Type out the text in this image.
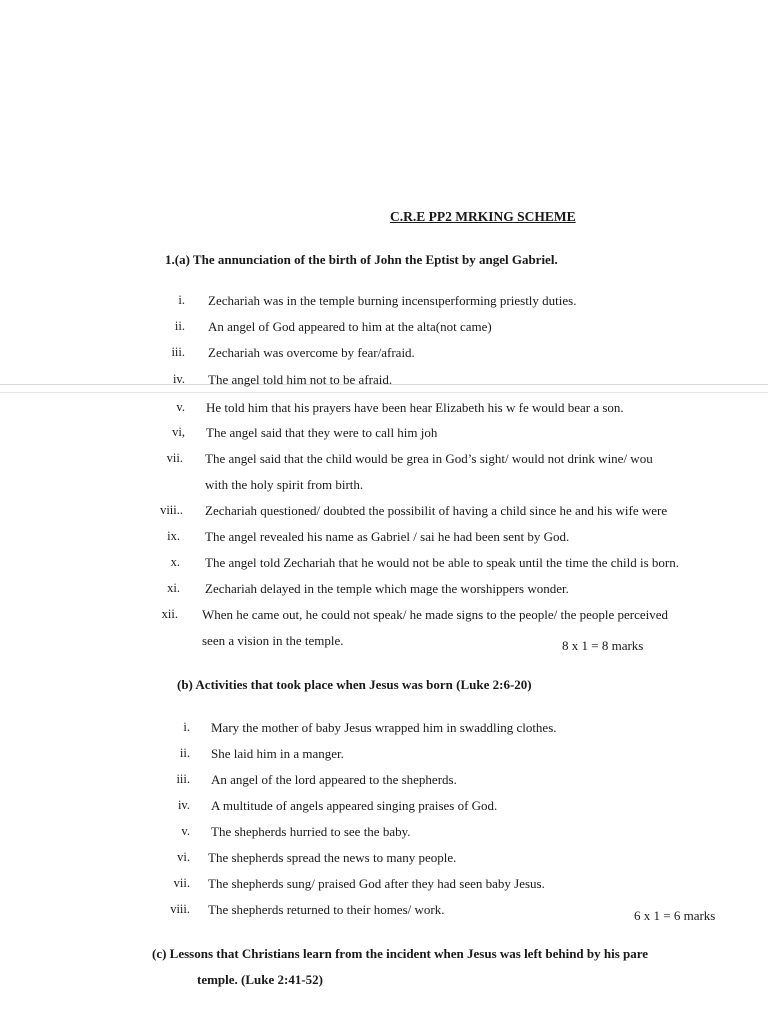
C.R.E PP2 MRKING SCHEME
1.(a) The annunciation of the birth of John the Eptist by angel Gabriel.
i. Zechariah was in the temple burning incensɩperforming priestly duties.
ii. An angel of God appeared to him at the alta(not came)
iii. Zechariah was overcome by fear/afraid.
iv. The angel told him not to be afraid.
v. He told him that his prayers have been hear Elizabeth his w fe would bear a son.
vi, The angel said that they were to call him joh
vii. The angel said that the child would be grea in God’s sight/ would not drink wine/ wou
with the holy spirit from birth.
viii.. Zechariah questioned/ doubted the possibilit of having a child since he and his wife were
ix. The angel revealed his name as Gabriel / sai he had been sent by God.
x. The angel told Zechariah that he would not be able to speak until the time the child is born.
xi. Zechariah delayed in the temple which mage the worshippers wonder.
xii. When he came out, he could not speak/ he made signs to the people/ the people perceived
seen a vision in the temple.	8 x 1 = 8 marks
(b) Activities that took place when Jesus was born (Luke 2:6-20)
i. Mary the mother of baby Jesus wrapped him in swaddling clothes.
ii. She laid him in a manger.
iii. An angel of the lord appeared to the shepherds.
iv. A multitude of angels appeared singing praises of God.
v. The shepherds hurried to see the baby.
vi. The shepherds spread the news to many people.
vii. The shepherds sung/ praised God after they had seen baby Jesus.
viii. The shepherds returned to their homes/ work.	6 x 1 = 6 marks
(c) Lessons that Christians learn from the incident when Jesus was left behind by his pare
temple. (Luke 2:41-52)
